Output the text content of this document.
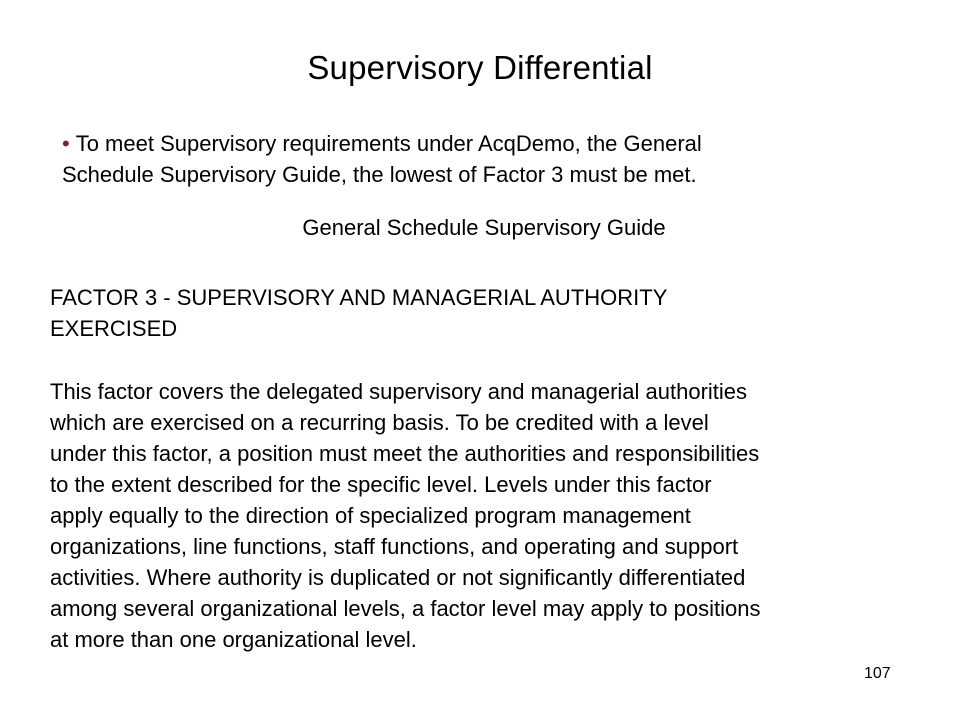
Supervisory Differential
• To meet Supervisory requirements under AcqDemo, the General
Schedule Supervisory Guide, the lowest of Factor 3 must be met.
General Schedule Supervisory Guide
FACTOR 3 - SUPERVISORY AND MANAGERIAL AUTHORITY
EXERCISED
This factor covers the delegated supervisory and managerial authorities
which are exercised on a recurring basis. To be credited with a level
under this factor, a position must meet the authorities and responsibilities
to the extent described for the specific level. Levels under this factor
apply equally to the direction of specialized program management
organizations, line functions, staff functions, and operating and support
activities. Where authority is duplicated or not significantly differentiated
among several organizational levels, a factor level may apply to positions
at more than one organizational level.
107
